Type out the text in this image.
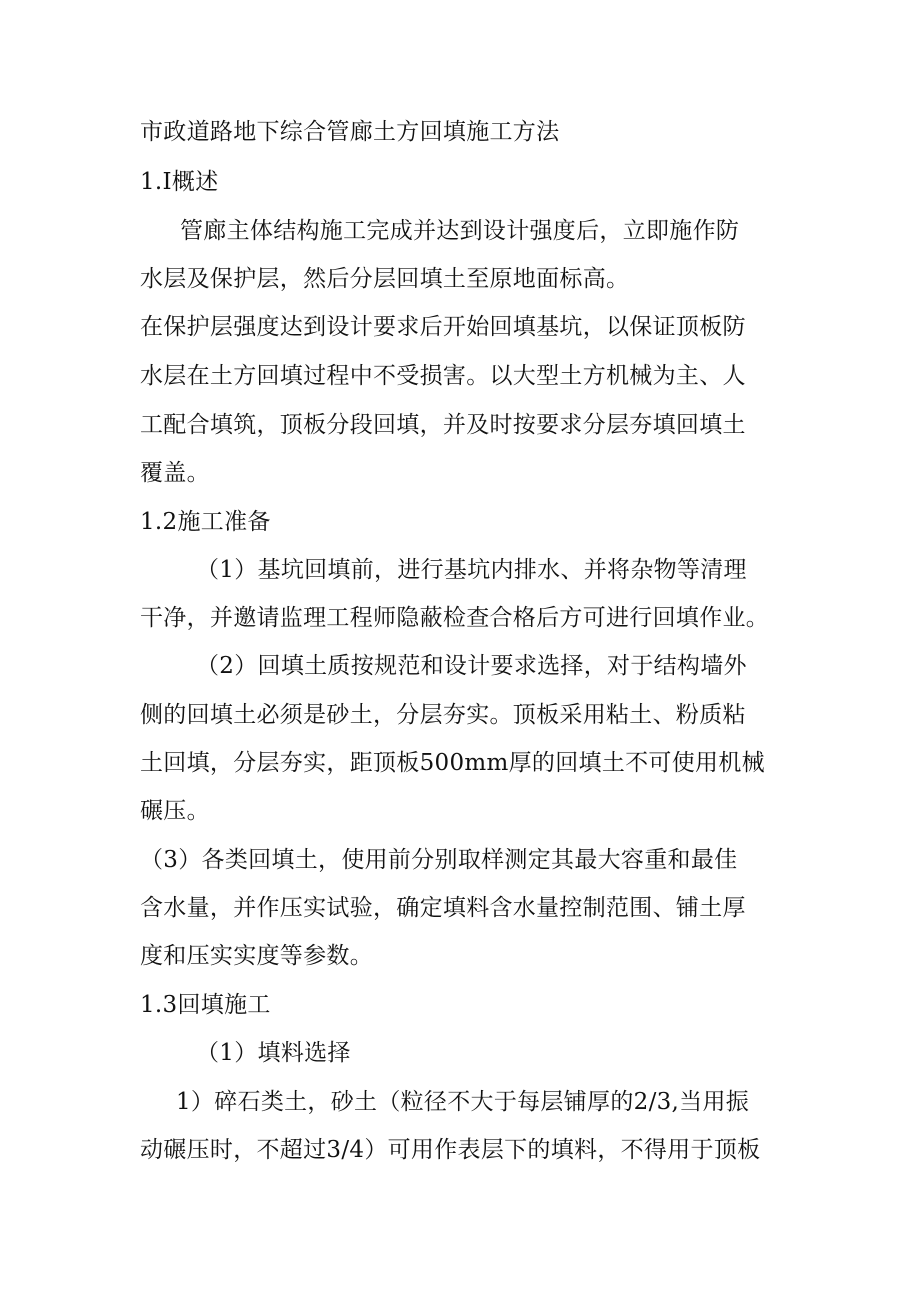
市政道路地下综合管廊土方回填施工方法
1.I概述
管廊主体结构施工完成并达到设计强度后，立即施作防
水层及保护层，然后分层回填土至原地面标高。
在保护层强度达到设计要求后开始回填基坑，以保证顶板防
水层在土方回填过程中不受损害。以大型土方机械为主、人
工配合填筑，顶板分段回填，并及时按要求分层夯填回填土
覆盖。
1.2施工准备
（1）基坑回填前，进行基坑内排水、并将杂物等清理
干净，并邀请监理工程师隐蔽检查合格后方可进行回填作业。
（2）回填土质按规范和设计要求选择，对于结构墙外
侧的回填土必须是砂土，分层夯实。顶板采用粘土、粉质粘
土回填，分层夯实，距顶板500mm厚的回填土不可使用机械
碾压。
（3）各类回填土，使用前分别取样测定其最大容重和最佳
含水量，并作压实试验，确定填料含水量控制范围、铺土厚
度和压实实度等参数。
1.3回填施工
（1）填料选择
1）碎石类土，砂土（粒径不大于每层铺厚的2/3,当用振
动碾压时，不超过3/4）可用作表层下的填料，不得用于顶板
